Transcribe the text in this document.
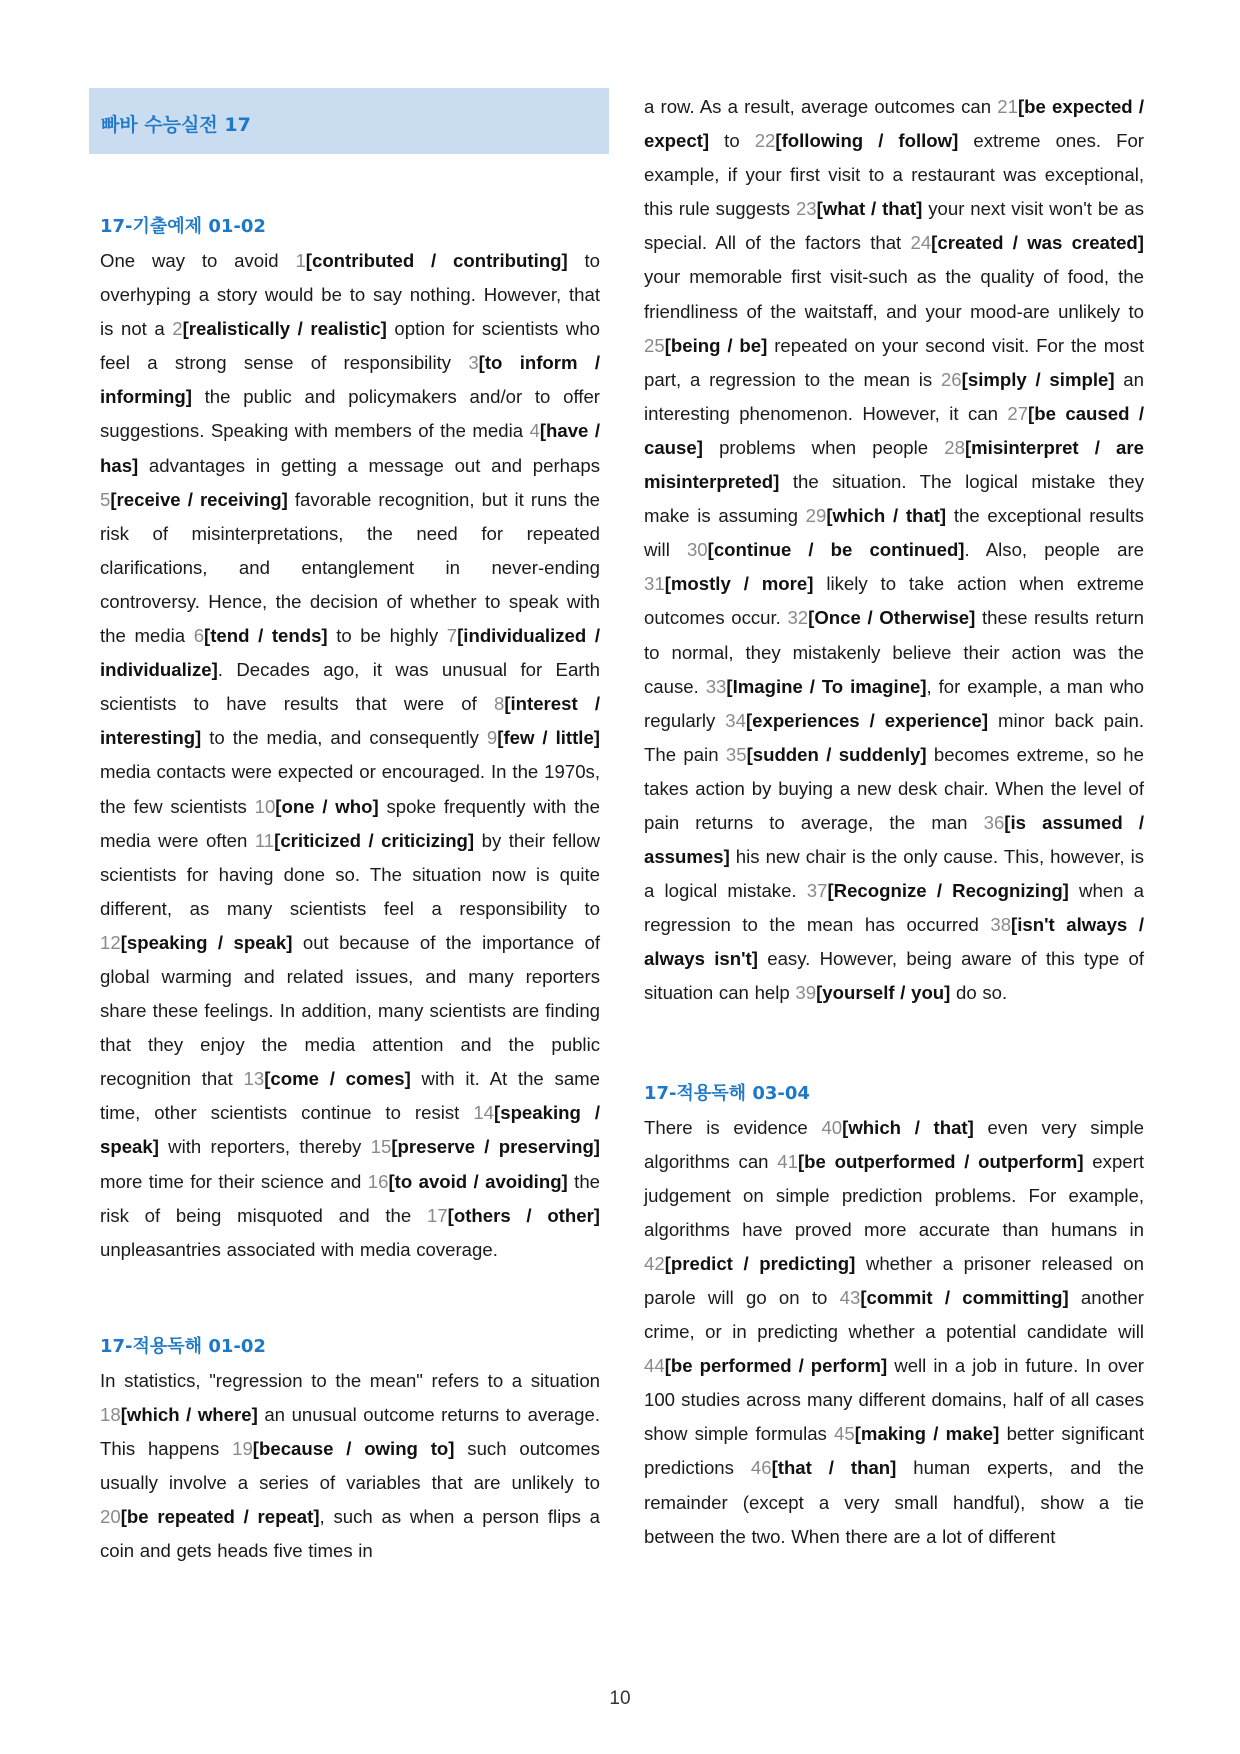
빠바 수능실전 17
17-기출예제 01-02

One way to avoid 1[contributed / contributing] to overhyping a story would be to say nothing. However, that is not a 2[realistically / realistic] option for scientists who feel a strong sense of responsibility 3[to inform / informing] the public and policymakers and/or to offer suggestions. Speaking with members of the media 4[have / has] advantages in getting a message out and perhaps 5[receive / receiving] favorable recognition, but it runs the risk of misinterpretations, the need for repeated clarifications, and entanglement in never-ending controversy. Hence, the decision of whether to speak with the media 6[tend / tends] to be highly 7[individualized / individualize]. Decades ago, it was unusual for Earth scientists to have results that were of 8[interest / interesting] to the media, and consequently 9[few / little] media contacts were expected or encouraged. In the 1970s, the few scientists 10[one / who] spoke frequently with the media were often 11[criticized / criticizing] by their fellow scientists for having done so. The situation now is quite different, as many scientists feel a responsibility to 12[speaking / speak] out because of the importance of global warming and related issues, and many reporters share these feelings. In addition, many scientists are finding that they enjoy the media attention and the public recognition that 13[come / comes] with it. At the same time, other scientists continue to resist 14[speaking / speak] with reporters, thereby 15[preserve / preserving] more time for their science and 16[to avoid / avoiding] the risk of being misquoted and the 17[others / other] unpleasantries associated with media coverage.

17-적용독해 01-02

In statistics, "regression to the mean" refers to a situation 18[which / where] an unusual outcome returns to average. This happens 19[because / owing to] such outcomes usually involve a series of variables that are unlikely to 20[be repeated / repeat], such as when a person flips a coin and gets heads five times in

a row. As a result, average outcomes can 21[be expected / expect] to 22[following / follow] extreme ones. For example, if your first visit to a restaurant was exceptional, this rule suggests 23[what / that] your next visit won't be as special. All of the factors that 24[created / was created] your memorable first visit-such as the quality of food, the friendliness of the waitstaff, and your mood-are unlikely to 25[being / be] repeated on your second visit. For the most part, a regression to the mean is 26[simply / simple] an interesting phenomenon. However, it can 27[be caused / cause] problems when people 28[misinterpret / are misinterpreted] the situation. The logical mistake they make is assuming 29[which / that] the exceptional results will 30[continue / be continued]. Also, people are 31[mostly / more] likely to take action when extreme outcomes occur. 32[Once / Otherwise] these results return to normal, they mistakenly believe their action was the cause. 33[Imagine / To imagine], for example, a man who regularly 34[experiences / experience] minor back pain. The pain 35[sudden / suddenly] becomes extreme, so he takes action by buying a new desk chair. When the level of pain returns to average, the man 36[is assumed / assumes] his new chair is the only cause. This, however, is a logical mistake. 37[Recognize / Recognizing] when a regression to the mean has occurred 38[isn't always / always isn't] easy. However, being aware of this type of situation can help 39[yourself / you] do so.

17-적용독해 03-04

There is evidence 40[which / that] even very simple algorithms can 41[be outperformed / outperform] expert judgement on simple prediction problems. For example, algorithms have proved more accurate than humans in 42[predict / predicting] whether a prisoner released on parole will go on to 43[commit / committing] another crime, or in predicting whether a potential candidate will 44[be performed / perform] well in a job in future. In over 100 studies across many different domains, half of all cases show simple formulas 45[making / make] better significant predictions 46[that / than] human experts, and the remainder (except a very small handful), show a tie between the two. When there are a lot of different

10
